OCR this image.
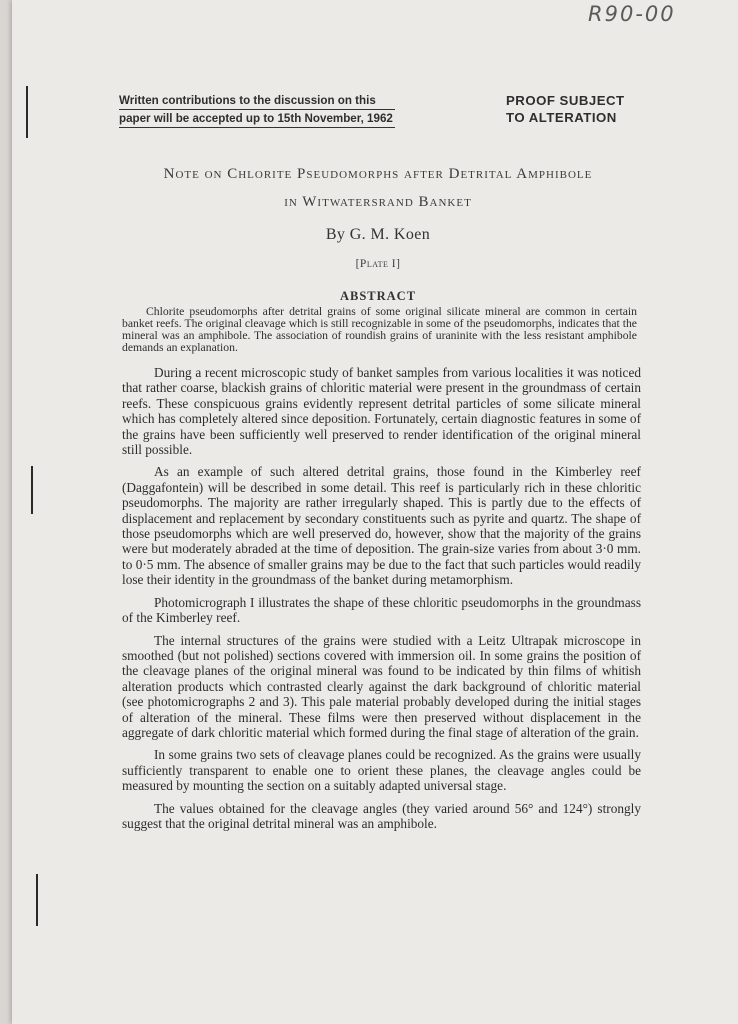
R90-00
Written contributions to the discussion on this
paper will be accepted up to 15th November, 1962
PROOF SUBJECT
TO ALTERATION
Note on Chlorite Pseudomorphs after Detrital Amphibole
in Witwatersrand Banket
By G. M. Koen
[Plate I]
ABSTRACT

Chlorite pseudomorphs after detrital grains of some original silicate mineral are common in certain banket reefs. The original cleavage which is still recognizable in some of the pseudomorphs, indicates that the mineral was an amphibole. The association of roundish grains of uraninite with the less resistant amphibole demands an explanation.

During a recent microscopic study of banket samples from various localities it was noticed that rather coarse, blackish grains of chloritic material were present in the groundmass of certain reefs. These conspicuous grains evidently represent detrital particles of some silicate mineral which has completely altered since deposition. Fortunately, certain diagnostic features in some of the grains have been sufficiently well preserved to render identification of the original mineral still possible.

As an example of such altered detrital grains, those found in the Kimberley reef (Daggafontein) will be described in some detail. This reef is particularly rich in these chloritic pseudomorphs. The majority are rather irregularly shaped. This is partly due to the effects of displacement and replacement by secondary constituents such as pyrite and quartz. The shape of those pseudomorphs which are well preserved do, however, show that the majority of the grains were but moderately abraded at the time of deposition. The grain-size varies from about 3·0 mm. to 0·5 mm. The absence of smaller grains may be due to the fact that such particles would readily lose their identity in the groundmass of the banket during metamorphism.

Photomicrograph I illustrates the shape of these chloritic pseudomorphs in the groundmass of the Kimberley reef.

The internal structures of the grains were studied with a Leitz Ultrapak microscope in smoothed (but not polished) sections covered with immersion oil. In some grains the position of the cleavage planes of the original mineral was found to be indicated by thin films of whitish alteration products which contrasted clearly against the dark background of chloritic material (see photomicrographs 2 and 3). This pale material probably developed during the initial stages of alteration of the mineral. These films were then preserved without displacement in the aggregate of dark chloritic material which formed during the final stage of alteration of the grain.

In some grains two sets of cleavage planes could be recognized. As the grains were usually sufficiently transparent to enable one to orient these planes, the cleavage angles could be measured by mounting the section on a suitably adapted universal stage.

The values obtained for the cleavage angles (they varied around 56° and 124°) strongly suggest that the original detrital mineral was an amphibole.
